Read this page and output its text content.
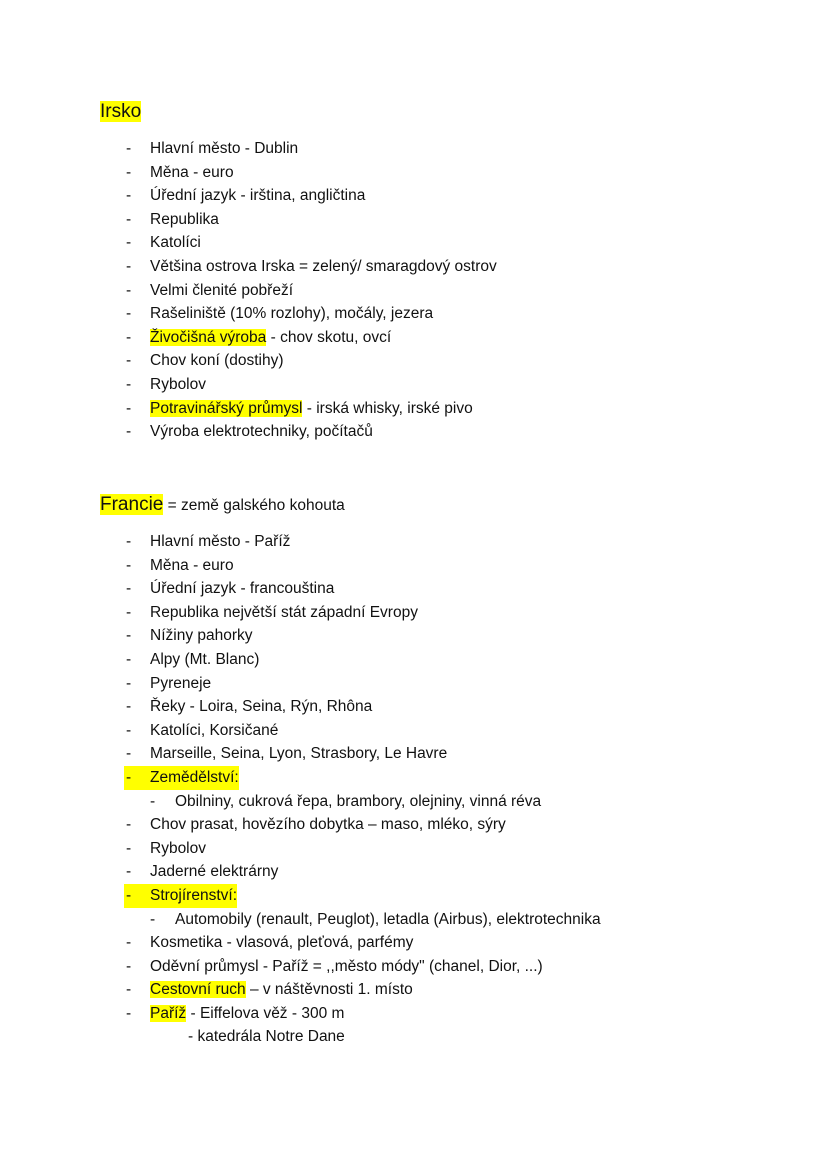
Irsko
-	Hlavní město - Dublin
-	Měna - euro
-	Úřední jazyk - irština, angličtina
-	Republika
-	Katolíci
-	Většina ostrova Irska = zelený/ smaragdový ostrov
-	Velmi členité pobřeží
-	Rašeliniště (10% rozlohy), močály, jezera
-	Živočišná výroba - chov skotu, ovcí
-	Chov koní (dostihy)
-	Rybolov
-	Potravinářský průmysl - irská whisky, irské pivo
-	Výroba elektrotechniky, počítačů
Francie = země galského kohouta
-	Hlavní město - Paříž
-	Měna - euro
-	Úřední jazyk - francouština
-	Republika největší stát západní Evropy
-	Nížiny pahorky
-	Alpy (Mt. Blanc)
-	Pyreneje
-	Řeky - Loira, Seina, Rýn, Rhôna
-	Katolíci, Korsičané
-	Marseille, Seina, Lyon, Strasbory, Le Havre
-	Zemědělství:
-	Obilniny, cukrová řepa, brambory, olejniny, vinná réva
-	Chov prasat, hovězího dobytka – maso, mléko, sýry
-	Rybolov
-	Jaderné elektrárny
-	Strojírenství:
-	Automobily (renault, Peuglot), letadla (Airbus), elektrotechnika
-	Kosmetika - vlasová, pleťová, parfémy
-	Oděvní průmysl - Paříž = ,,město módy" (chanel, Dior, ...)
-	Cestovní ruch – v náštěvnosti 1. místo
-	Paříž - Eiffelova věž - 300 m
- katedrála Notre Dane
